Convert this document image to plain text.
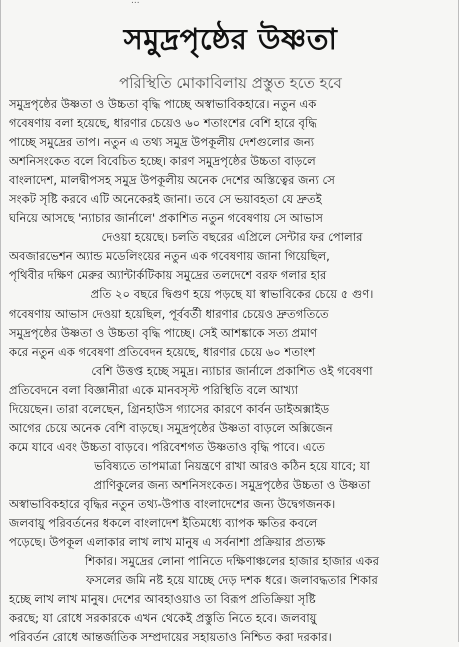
...
সমুদ্রপৃষ্ঠের উষ্ণতা
পরিস্থিতি মোকাবিলায় প্রস্তুত হতে হবে
সমুদ্রপৃষ্ঠের উষ্ণতা ও উচ্চতা বৃদ্ধি পাচ্ছে অস্বাভাবিকহারে। নতুন এক
গবেষণায় বলা হয়েছে, ধারণার চেয়েও ৬০ শতাংশের বেশি হারে বৃদ্ধি
পাচ্ছে সমুদ্রের তাপ। নতুন এ তথ্য সমুদ্র উপকূলীয় দেশগুলোর জন্য
অশনিসংকেত বলে বিবেচিত হচ্ছে। কারণ সমুদ্রপৃষ্ঠের উচ্চতা বাড়লে
বাংলাদেশ, মালদ্বীপসহ সমুদ্র উপকূলীয় অনেক দেশের অস্তিত্বের জন্য সে
সংকট সৃষ্টি করবে এটি অনেকেরই জানা। তবে সে ভয়াবহতা যে দ্রুতই
ঘনিয়ে আসছে 'ন্যাচার জার্নালে' প্রকাশিত নতুন গবেষণায় সে আভাস
দেওয়া হয়েছে। চলতি বছরের এপ্রিলে সেন্টার ফর পোলার
অবজারভেশন অ্যান্ড মডেলিংয়ের নতুন এক গবেষণায় জানা গিয়েছিল,
পৃথিবীর দক্ষিণ মেরুর অ্যান্টার্কটিকায় সমুদ্রের তলদেশে বরফ গলার হার
প্রতি ২০ বছরে দ্বিগুণ হয়ে পড়ছে যা স্বাভাবিকের চেয়ে ৫ গুণ।
গবেষণায় আভাস দেওয়া হয়েছিল, পূর্ববর্তী ধারণার চেয়েও দ্রুতগতিতে
সমুদ্রপৃষ্ঠের উষ্ণতা ও উচ্চতা বৃদ্ধি পাচ্ছে। সেই আশঙ্কাকে সত্য প্রমাণ
করে নতুন এক গবেষণা প্রতিবেদন হয়েছে, ধারণার চেয়ে ৬০ শতাংশ
বেশি উত্তপ্ত হচ্ছে সমুদ্র। ন্যাচার জার্নালে প্রকাশিত ওই গবেষণা
প্রতিবেদনে বলা বিজ্ঞানীরা একে মানবসৃস্ট পরিস্থিতি বলে আখ্যা
দিয়েছেন। তারা বলেছেন, গ্রিনহাউস গ্যাসের কারণে কার্বন ডাইঅক্সাইড
আগের চেয়ে অনেক বেশি বাড়ছে। সমুদ্রপৃষ্ঠের উষ্ণতা বাড়লে অক্সিজেন
কমে যাবে এবং উচ্চতা বাড়বে। পরিবেশগত উষ্ণতাও বৃদ্ধি পাবে। এতে
ভবিষ্যতে তাপমাত্রা নিয়ন্ত্রণে রাখা আরও কঠিন হয়ে যাবে; যা
প্রাণিকুলের জন্য অশনিসংকেত। সমুদ্রপৃষ্ঠের উচ্চতা ও উষ্ণতা
অস্বাভাবিকহারে বৃদ্ধির নতুন তথ্য-উপাত্ত বাংলাদেশের জন্য উদ্বেগজনক।
জলবায়ু পরিবর্তনের ধকলে বাংলাদেশ ইতিমধ্যে ব্যাপক ক্ষতির কবলে
পড়েছে। উপকূল এলাকার লাখ লাখ মানুষ এ সর্বনাশা প্রক্রিয়ার প্রত্যক্ষ
শিকার। সমুদ্রের লোনা পানিতে দক্ষিণাঞ্চলের হাজার হাজার একর
ফসলের জমি নষ্ট হয়ে যাচ্ছে দেড় দশক ধরে। জলাবদ্ধতার শিকার
হচ্ছে লাখ লাখ মানুষ। দেশের আবহাওয়াও তা বিরূপ প্রতিক্রিয়া সৃষ্টি
করছে; যা রোধে সরকারকে এখন থেকেই প্রস্তুতি নিতে হবে। জলবায়ু
পরিবর্তন রোধে আন্তর্জাতিক সম্প্রদায়ের সহায়তাও নিশ্চিত করা দরকার।
